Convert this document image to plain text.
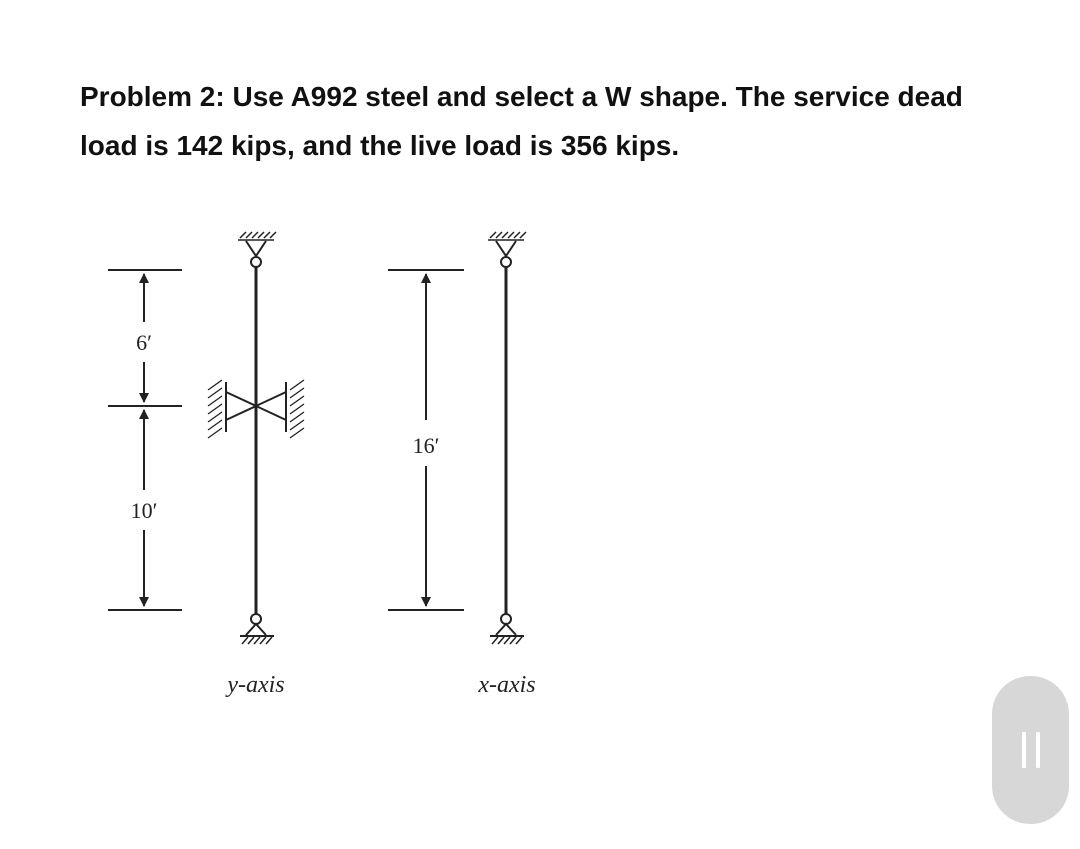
Problem 2: Use A992 steel and select a W shape. The service dead
load is 142 kips, and the live load is 356 kips.

6′
10′
y-axis
16′
x-axis
